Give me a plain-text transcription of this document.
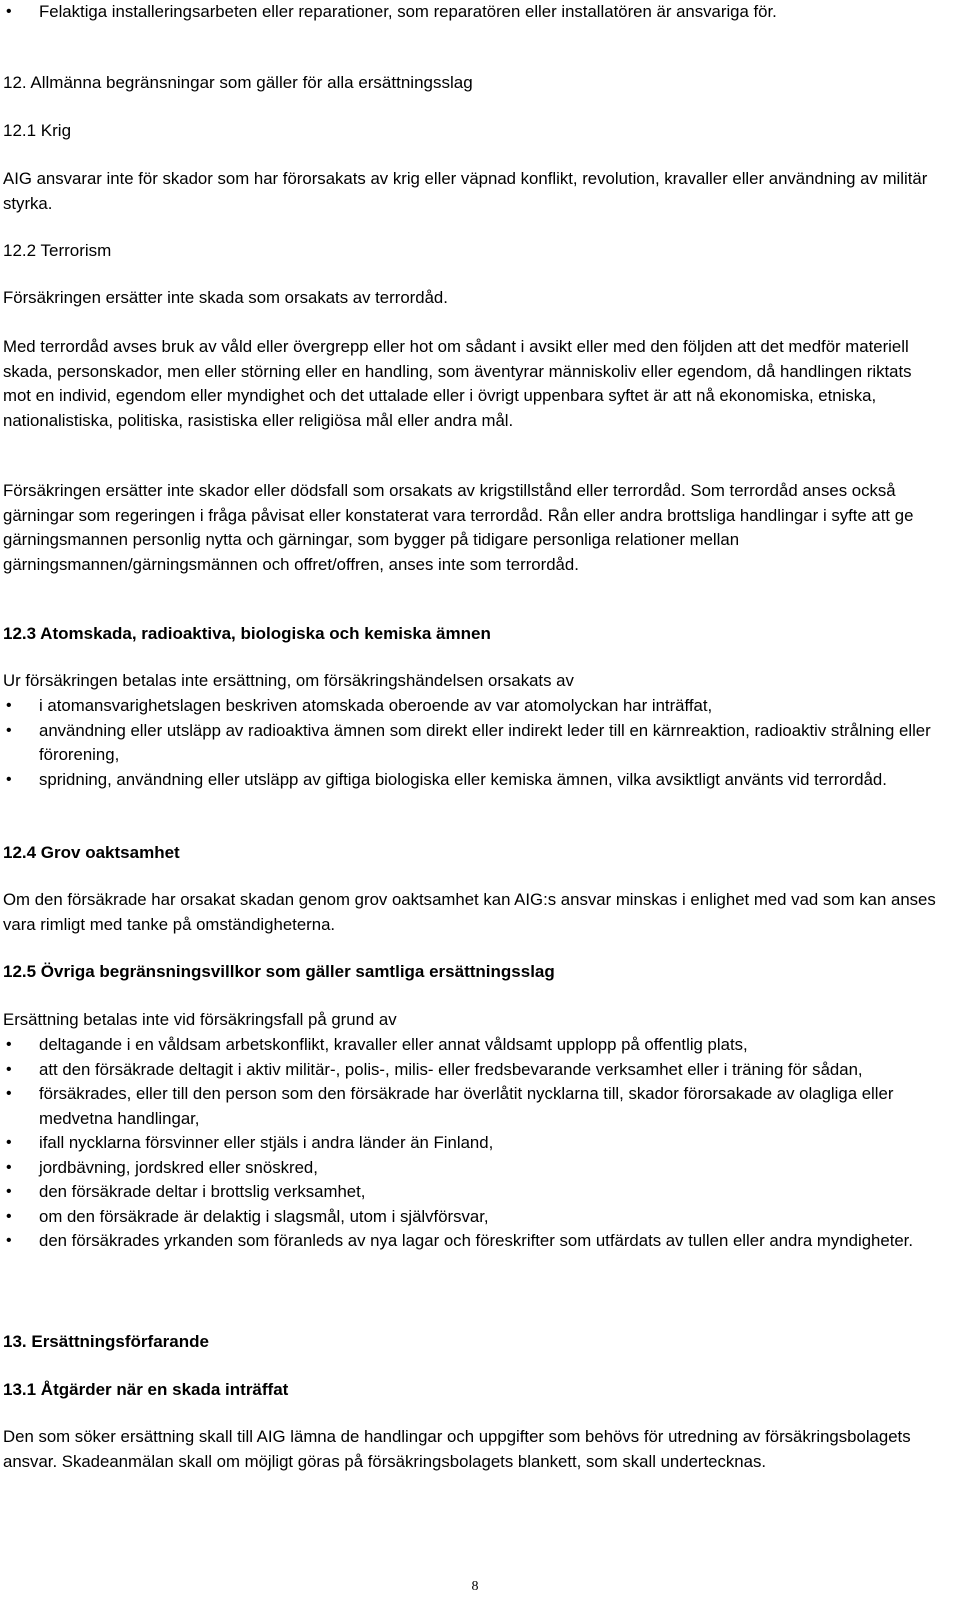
• Felaktiga installeringsarbeten eller reparationer, som reparatören eller installatören är ansvariga för.

12. Allmänna begränsningar som gäller för alla ersättningsslag

12.1 Krig

AIG ansvarar inte för skador som har förorsakats av krig eller väpnad konflikt, revolution, kravaller eller användning av militär styrka.

12.2 Terrorism

Försäkringen ersätter inte skada som orsakats av terrordåd.

Med terrordåd avses bruk av våld eller övergrepp eller hot om sådant i avsikt eller med den följden att det medför materiell skada, personskador, men eller störning eller en handling, som äventyrar människoliv eller egendom, då handlingen riktats mot en individ, egendom eller myndighet och det uttalade eller i övrigt uppenbara syftet är att nå ekonomiska, etniska, nationalistiska, politiska, rasistiska eller religiösa mål eller andra mål.

Försäkringen ersätter inte skador eller dödsfall som orsakats av krigstillstånd eller terrordåd. Som terrordåd anses också gärningar som regeringen i fråga påvisat eller konstaterat vara terrordåd. Rån eller andra brottsliga handlingar i syfte att ge gärningsmannen personlig nytta och gärningar, som bygger på tidigare personliga relationer mellan gärningsmannen/gärningsmännen och offret/offren, anses inte som terrordåd.

12.3 Atomskada, radioaktiva, biologiska och kemiska ämnen

Ur försäkringen betalas inte ersättning, om försäkringshändelsen orsakats av

• i atomansvarighetslagen beskriven atomskada oberoende av var atomolyckan har inträffat,
• användning eller utsläpp av radioaktiva ämnen som direkt eller indirekt leder till en kärnreaktion, radioaktiv strålning eller förorening,
• spridning, användning eller utsläpp av giftiga biologiska eller kemiska ämnen, vilka avsiktligt använts vid terrordåd.

12.4 Grov oaktsamhet

Om den försäkrade har orsakat skadan genom grov oaktsamhet kan AIG:s ansvar minskas i enlighet med vad som kan anses vara rimligt med tanke på omständigheterna.

12.5 Övriga begränsningsvillkor som gäller samtliga ersättningsslag

Ersättning betalas inte vid försäkringsfall på grund av

• deltagande i en våldsam arbetskonflikt, kravaller eller annat våldsamt upplopp på offentlig plats,
• att den försäkrade deltagit i aktiv militär-, polis-, milis- eller fredsbevarande verksamhet eller i träning för sådan,
• försäkrades, eller till den person som den försäkrade har överlåtit nycklarna till, skador förorsakade av olagliga eller medvetna handlingar,
• ifall nycklarna försvinner eller stjäls i andra länder än Finland,
• jordbävning, jordskred eller snöskred,
• den försäkrade deltar i brottslig verksamhet,
• om den försäkrade är delaktig i slagsmål, utom i självförsvar,
• den försäkrades yrkanden som föranleds av nya lagar och föreskrifter som utfärdats av tullen eller andra myndigheter.

13. Ersättningsförfarande

13.1 Åtgärder när en skada inträffat

Den som söker ersättning skall till AIG lämna de handlingar och uppgifter som behövs för utredning av försäkringsbolagets ansvar. Skadeanmälan skall om möjligt göras på försäkringsbolagets blankett, som skall undertecknas.

8
